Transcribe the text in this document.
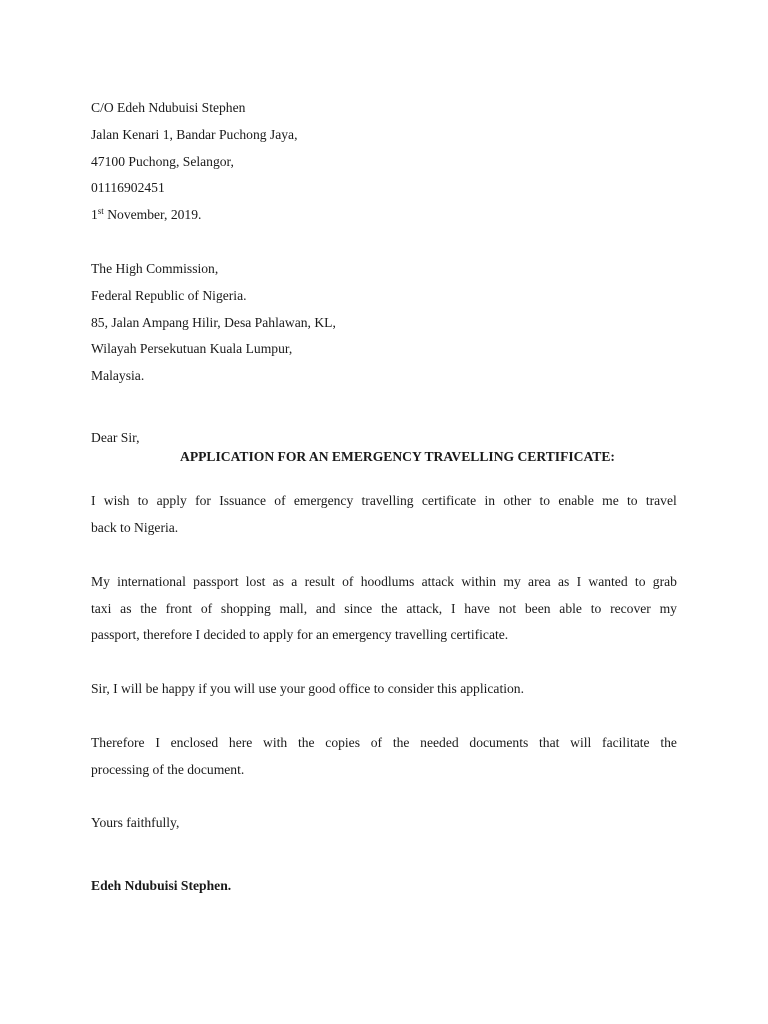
C/O Edeh Ndubuisi Stephen
Jalan Kenari 1, Bandar Puchong Jaya,
47100 Puchong, Selangor,
01116902451
1st November, 2019.
The High Commission,
Federal Republic of Nigeria.
85, Jalan Ampang Hilir, Desa Pahlawan, KL,
Wilayah Persekutuan Kuala Lumpur,
Malaysia.
Dear Sir,
APPLICATION FOR AN EMERGENCY TRAVELLING CERTIFICATE:
I wish to apply for Issuance of emergency travelling certificate in other to enable me to travel
back to Nigeria.
My international passport lost as a result of hoodlums attack within my area as I wanted to grab
taxi as the front of shopping mall, and since the attack, I have not been able to recover my
passport, therefore I decided to apply for an emergency travelling certificate.
Sir, I will be happy if you will use your good office to consider this application.
Therefore I enclosed here with the copies of the needed documents that will facilitate the
processing of the document.
Yours faithfully,
Edeh Ndubuisi Stephen.
